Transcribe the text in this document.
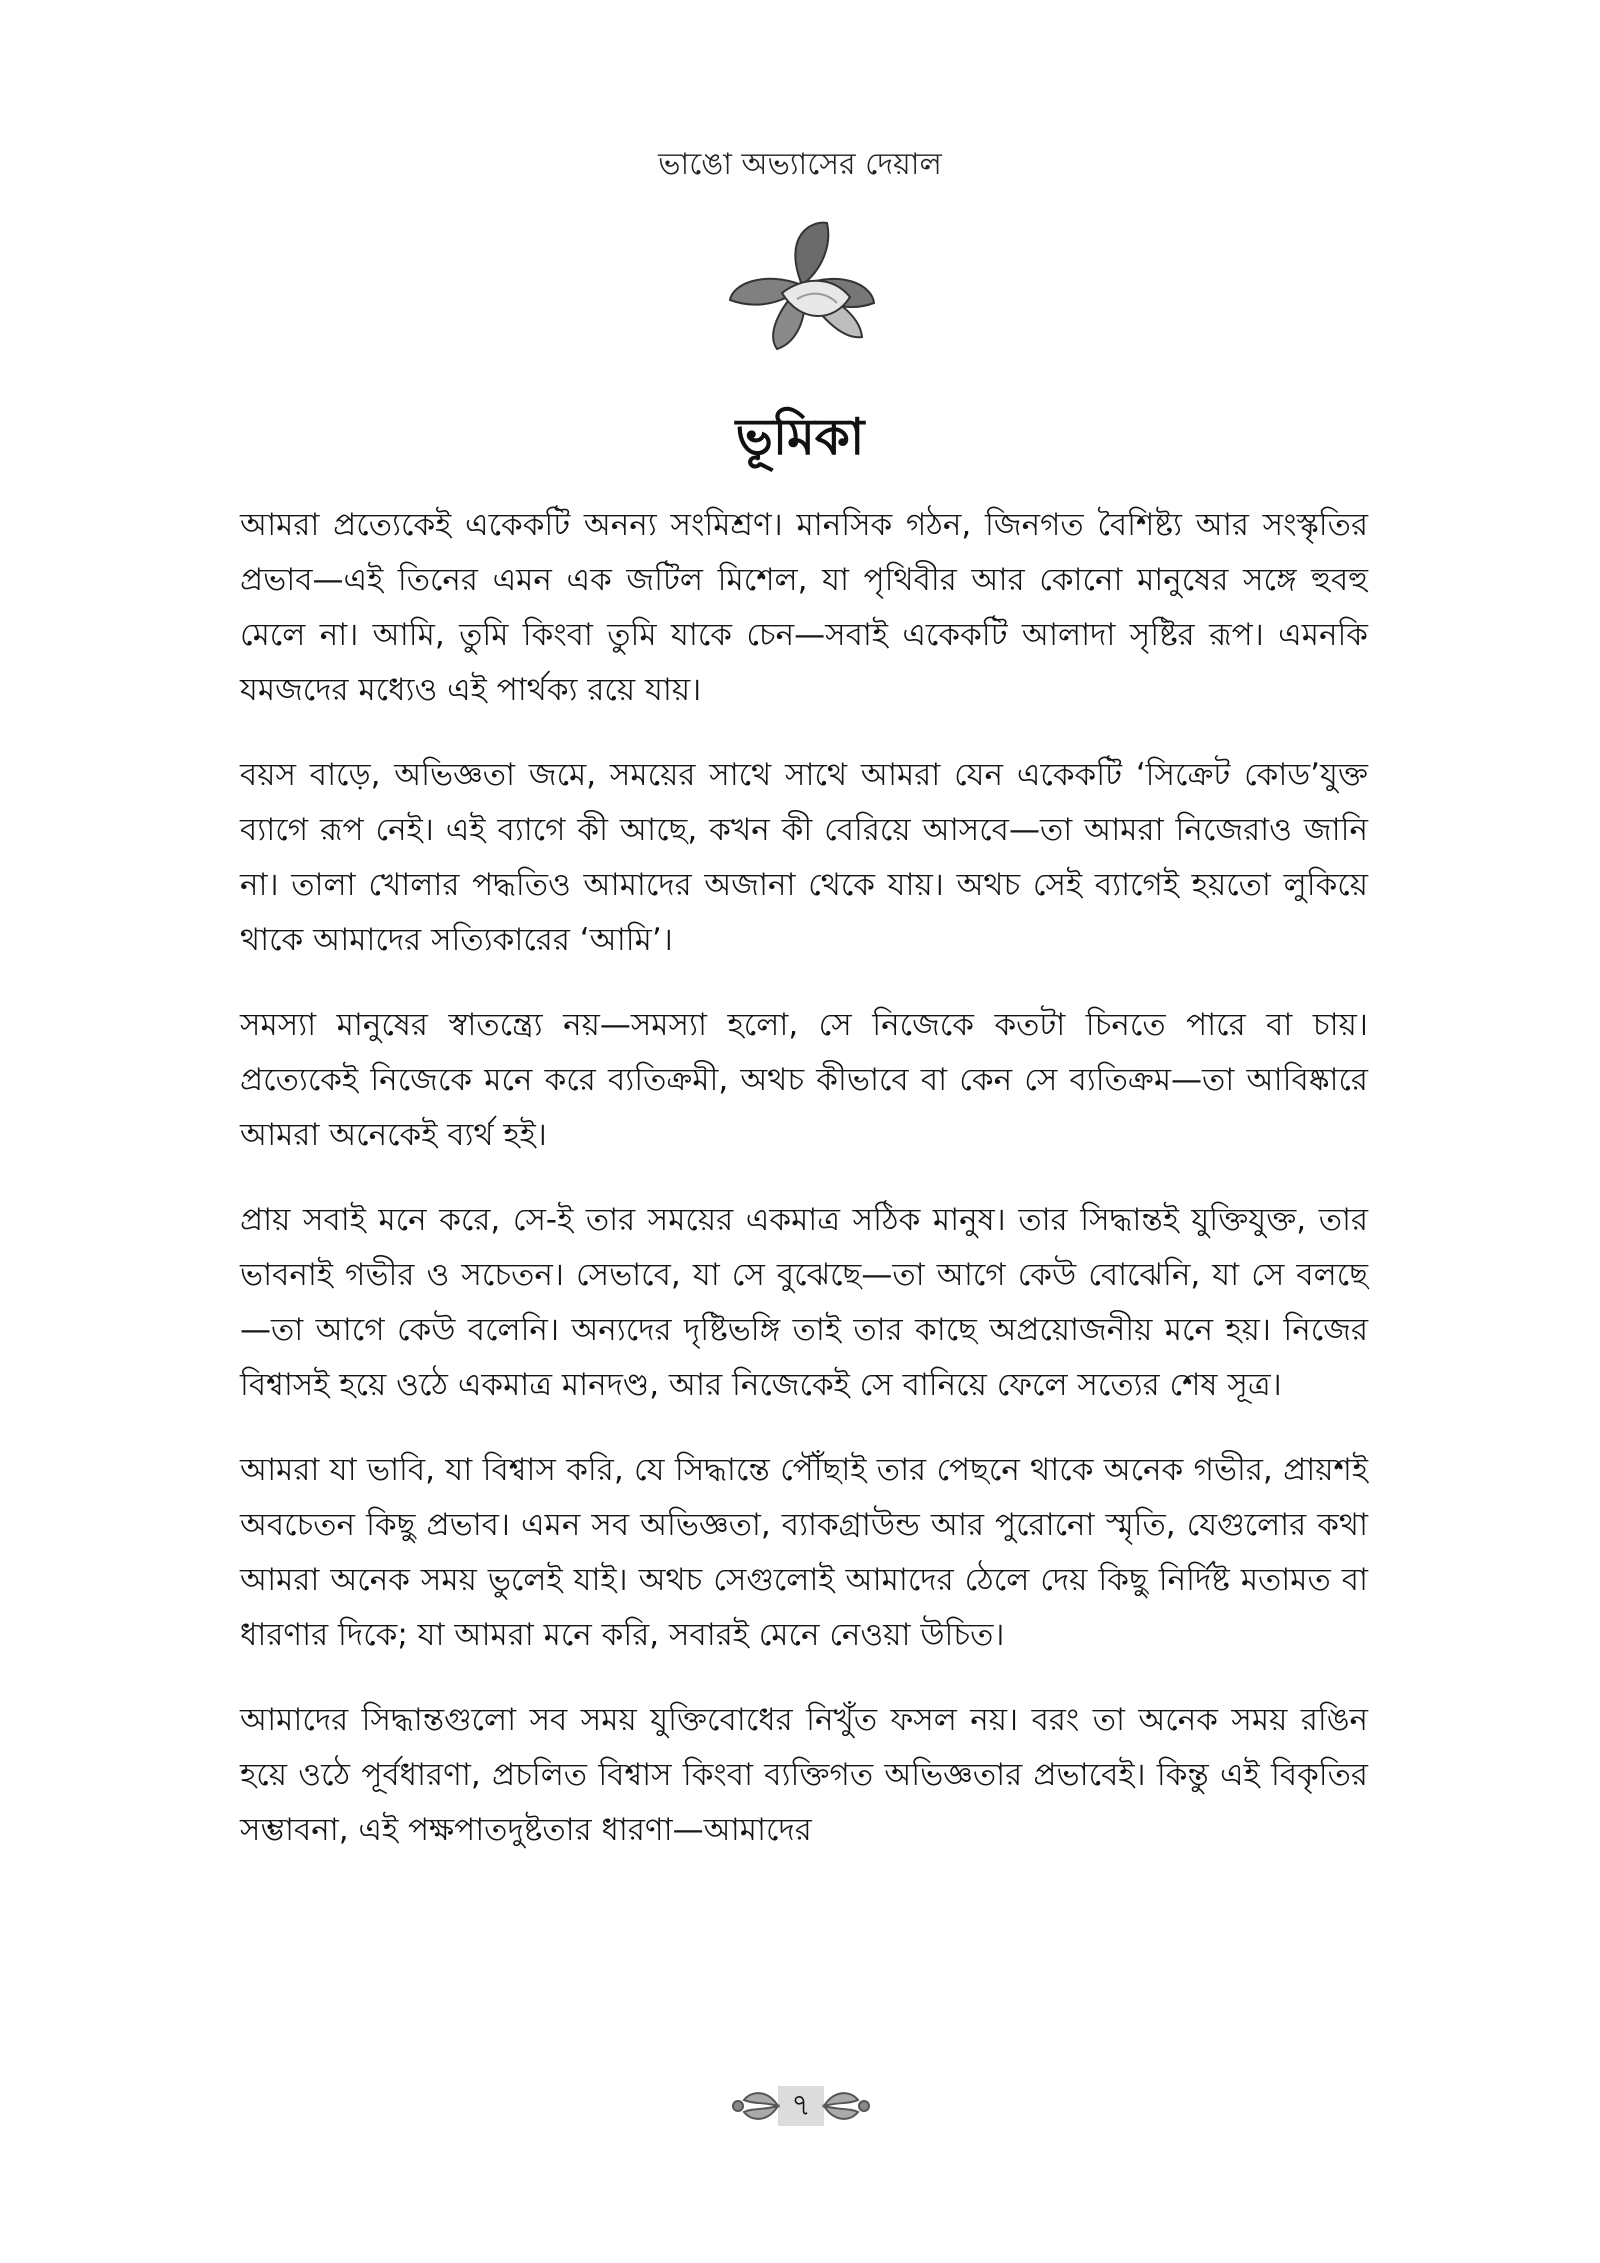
ভাঙো অভ্যাসের দেয়াল
ভূমিকা

আমরা প্রত্যেকেই একেকটি অনন্য সংমিশ্রণ। মানসিক গঠন, জিনগত বৈশিষ্ট্য আর সংস্কৃতির প্রভাব—এই তিনের এমন এক জটিল মিশেল, যা পৃথিবীর আর কোনো মানুষের সঙ্গে হুবহু মেলে না। আমি, তুমি কিংবা তুমি যাকে চেন—সবাই একেকটি আলাদা সৃষ্টির রূপ। এমনকি যমজদের মধ্যেও এই পার্থক্য রয়ে যায়।

বয়স বাড়ে, অভিজ্ঞতা জমে, সময়ের সাথে সাথে আমরা যেন একেকটি ‘সিক্রেট কোড’যুক্ত ব্যাগে রূপ নেই। এই ব্যাগে কী আছে, কখন কী বেরিয়ে আসবে—তা আমরা নিজেরাও জানি না। তালা খোলার পদ্ধতিও আমাদের অজানা থেকে যায়। অথচ সেই ব্যাগেই হয়তো লুকিয়ে থাকে আমাদের সত্যিকারের ‘আমি’।

সমস্যা মানুষের স্বাতন্ত্র্যে নয়—সমস্যা হলো, সে নিজেকে কতটা চিনতে পারে বা চায়। প্রত্যেকেই নিজেকে মনে করে ব্যতিক্রমী, অথচ কীভাবে বা কেন সে ব্যতিক্রম—তা আবিষ্কারে আমরা অনেকেই ব্যর্থ হই।

প্রায় সবাই মনে করে, সে-ই তার সময়ের একমাত্র সঠিক মানুষ। তার সিদ্ধান্তই যুক্তিযুক্ত, তার ভাবনাই গভীর ও সচেতন। সেভাবে, যা সে বুঝেছে—তা আগে কেউ বোঝেনি, যা সে বলছে—তা আগে কেউ বলেনি। অন্যদের দৃষ্টিভঙ্গি তাই তার কাছে অপ্রয়োজনীয় মনে হয়। নিজের বিশ্বাসই হয়ে ওঠে একমাত্র মানদণ্ড, আর নিজেকেই সে বানিয়ে ফেলে সত্যের শেষ সূত্র।

আমরা যা ভাবি, যা বিশ্বাস করি, যে সিদ্ধান্তে পৌঁছাই তার পেছনে থাকে অনেক গভীর, প্রায়শই অবচেতন কিছু প্রভাব। এমন সব অভিজ্ঞতা, ব্যাকগ্রাউন্ড আর পুরোনো স্মৃতি, যেগুলোর কথা আমরা অনেক সময় ভুলেই যাই। অথচ সেগুলোই আমাদের ঠেলে দেয় কিছু নির্দিষ্ট মতামত বা ধারণার দিকে; যা আমরা মনে করি, সবারই মেনে নেওয়া উচিত।

আমাদের সিদ্ধান্তগুলো সব সময় যুক্তিবোধের নিখুঁত ফসল নয়। বরং তা অনেক সময় রঙিন হয়ে ওঠে পূর্বধারণা, প্রচলিত বিশ্বাস কিংবা ব্যক্তিগত অভিজ্ঞতার প্রভাবেই। কিন্তু এই বিকৃতির সম্ভাবনা, এই পক্ষপাতদুষ্টতার ধারণা—আমাদের

৭
